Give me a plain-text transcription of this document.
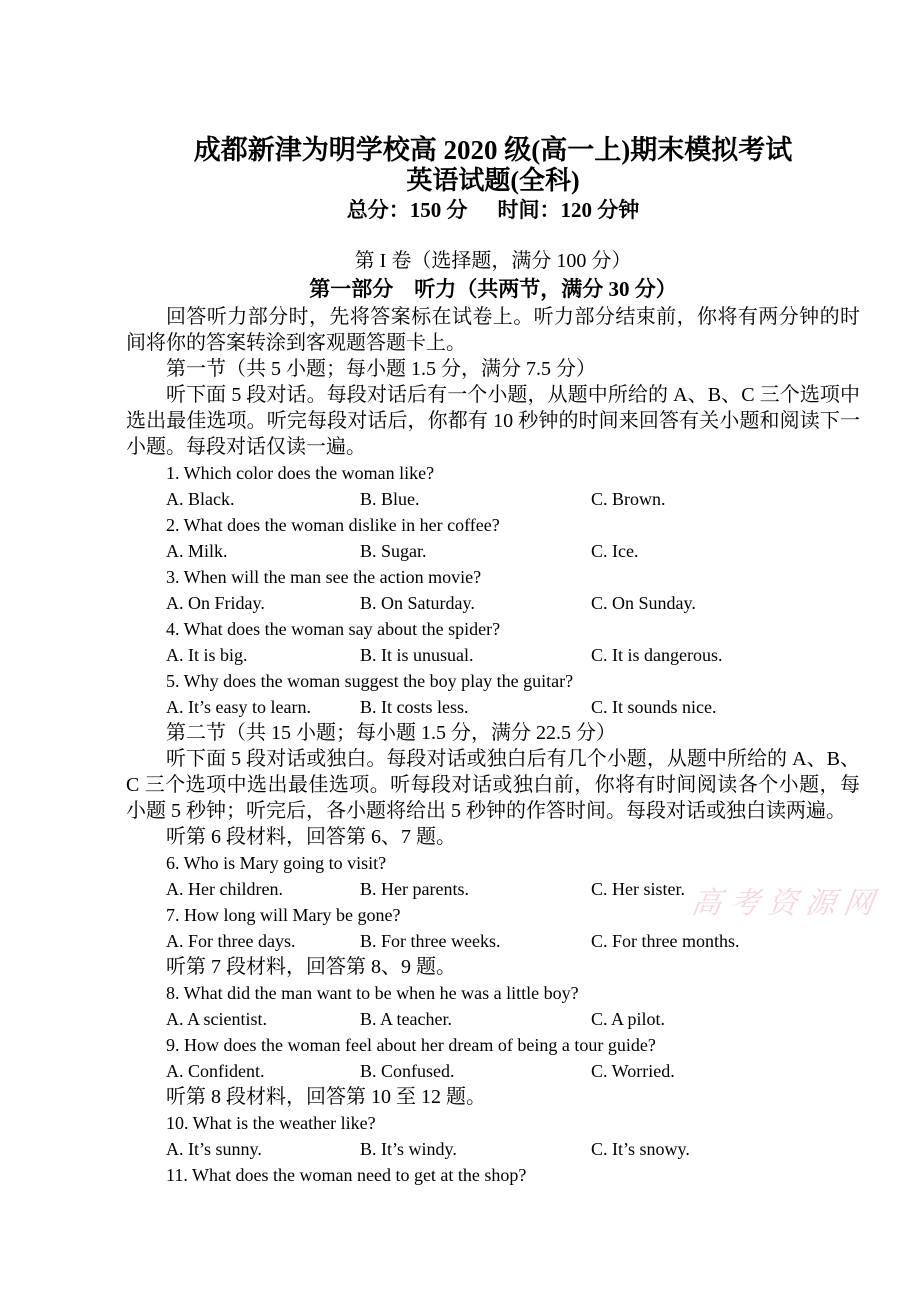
成都新津为明学校高 2020 级(高一上)期末模拟考试
英语试题(全科)
总分：150 分 时间：120 分钟
第 I 卷（选择题，满分 100 分）
第一部分　听力（共两节，满分 30 分）

回答听力部分时，先将答案标在试卷上。听力部分结束前，你将有两分钟的时间将你的答案转涂到客观题答题卡上。

第一节（共 5 小题；每小题 1.5 分，满分 7.5 分）

听下面 5 段对话。每段对话后有一个小题，从题中所给的 A、B、C 三个选项中选出最佳选项。听完每段对话后，你都有 10 秒钟的时间来回答有关小题和阅读下一小题。每段对话仅读一遍。

1. Which color does the woman like?
A. Black.	B. Blue.	C. Brown.
2. What does the woman dislike in her coffee?
A. Milk.	B. Sugar.	C. Ice.
3. When will the man see the action movie?
A. On Friday.	B. On Saturday.	C. On Sunday.
4. What does the woman say about the spider?
A. It is big.	B. It is unusual.	C. It is dangerous.
5. Why does the woman suggest the boy play the guitar?
A. It’s easy to learn.	B. It costs less.	C. It sounds nice.
第二节（共 15 小题；每小题 1.5 分，满分 22.5 分）

听下面 5 段对话或独白。每段对话或独白后有几个小题，从题中所给的 A、B、C 三个选项中选出最佳选项。听每段对话或独白前，你将有时间阅读各个小题，每小题 5 秒钟；听完后，各小题将给出 5 秒钟的作答时间。每段对话或独白读两遍。

听第 6 段材料，回答第 6、7 题。
6. Who is Mary going to visit?
A. Her children.	B. Her parents.	C. Her sister.
7. How long will Mary be gone?
A. For three days.	B. For three weeks.	C. For three months.
听第 7 段材料，回答第 8、9 题。
8. What did the man want to be when he was a little boy?
A. A scientist.	B. A teacher.	C. A pilot.
9. How does the woman feel about her dream of being a tour guide?
A. Confident.	B. Confused.	C. Worried.
听第 8 段材料，回答第 10 至 12 题。
10. What is the weather like?
A. It’s sunny.	B. It’s windy.	C. It’s snowy.
11. What does the woman need to get at the shop?
高考资源网
